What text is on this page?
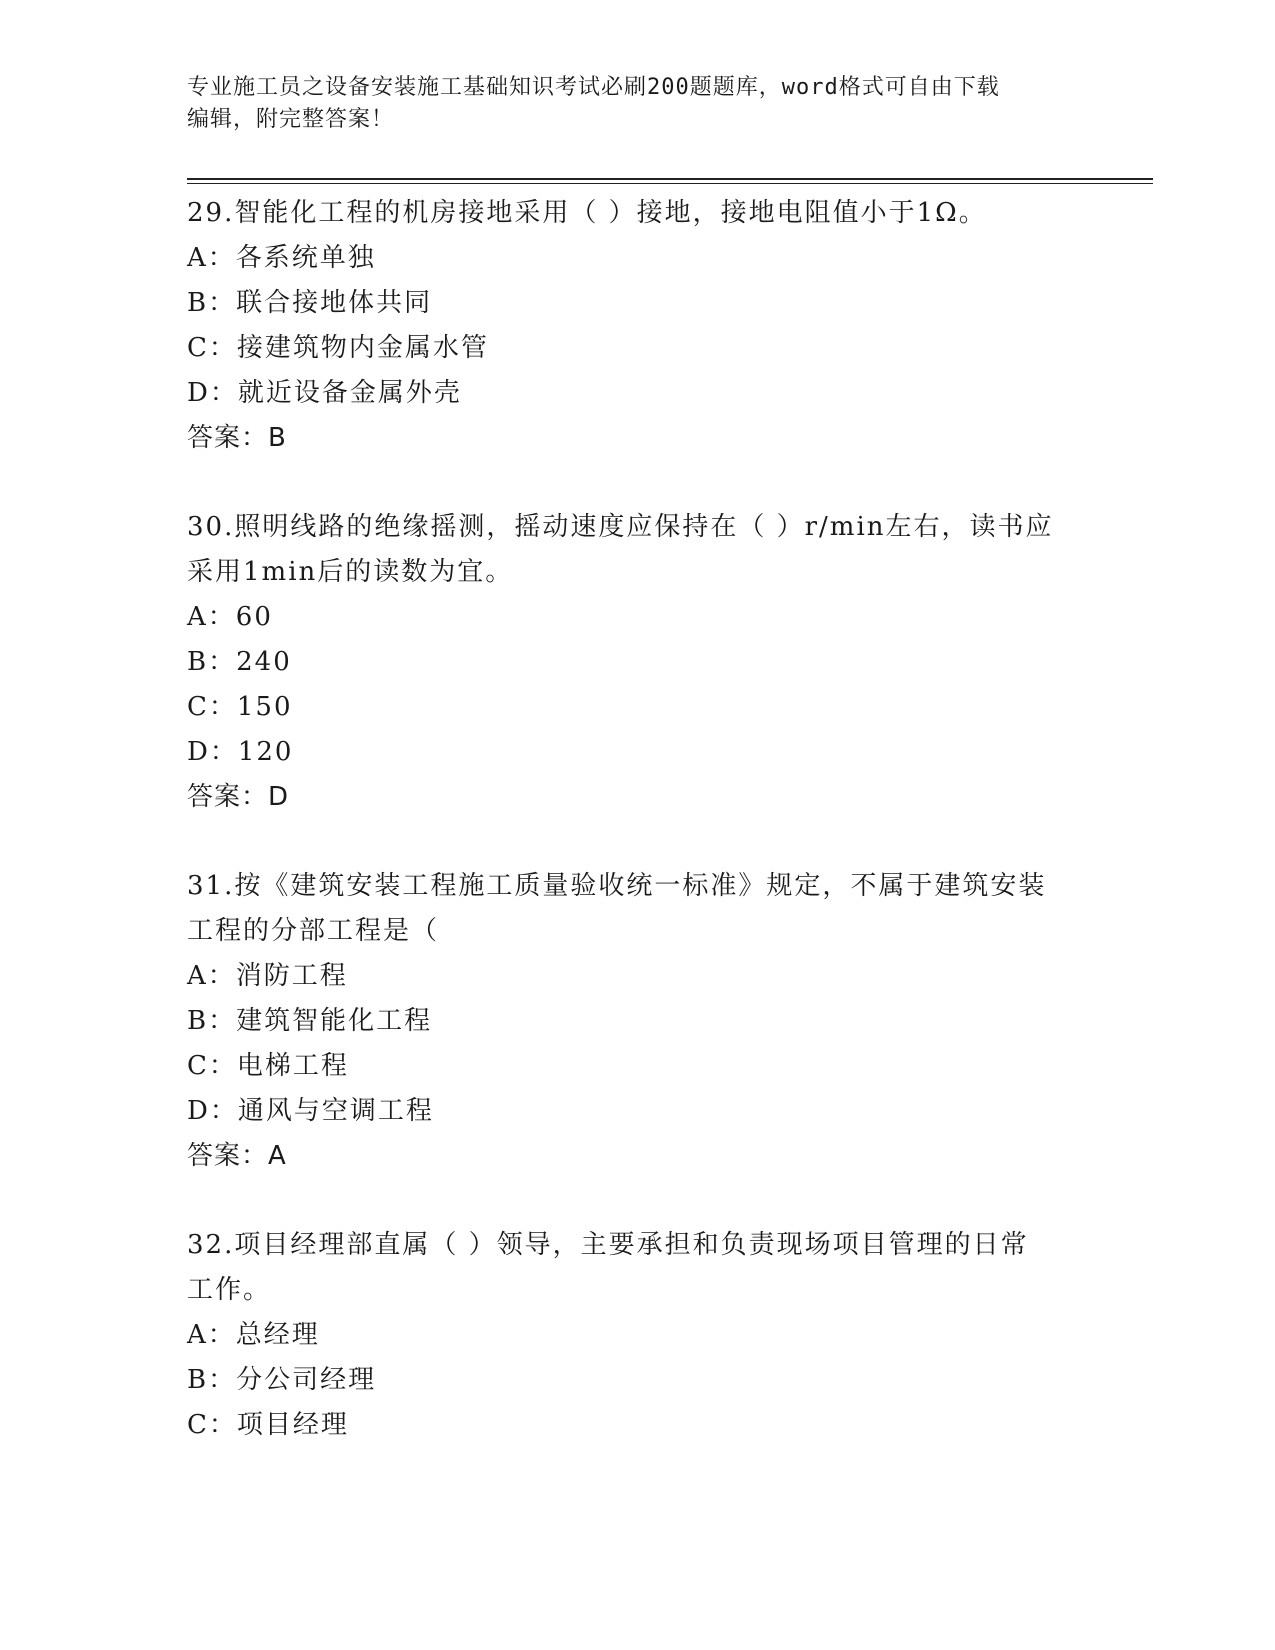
专业施工员之设备安装施工基础知识考试必刷200题题库，word格式可自由下载
编辑，附完整答案！
29.智能化工程的机房接地采用（ ）接地，接地电阻值小于1Ω。
A：各系统单独
B：联合接地体共同
C：接建筑物内金属水管
D：就近设备金属外壳
答案：B
30.照明线路的绝缘摇测，摇动速度应保持在（ ）r/min左右，读书应
采用1min后的读数为宜。
A：60
B：240
C：150
D：120
答案：D
31.按《建筑安装工程施工质量验收统一标准》规定，不属于建筑安装
工程的分部工程是（
A：消防工程
B：建筑智能化工程
C：电梯工程
D：通风与空调工程
答案：A
32.项目经理部直属（ ）领导，主要承担和负责现场项目管理的日常
工作。
A：总经理
B：分公司经理
C：项目经理
